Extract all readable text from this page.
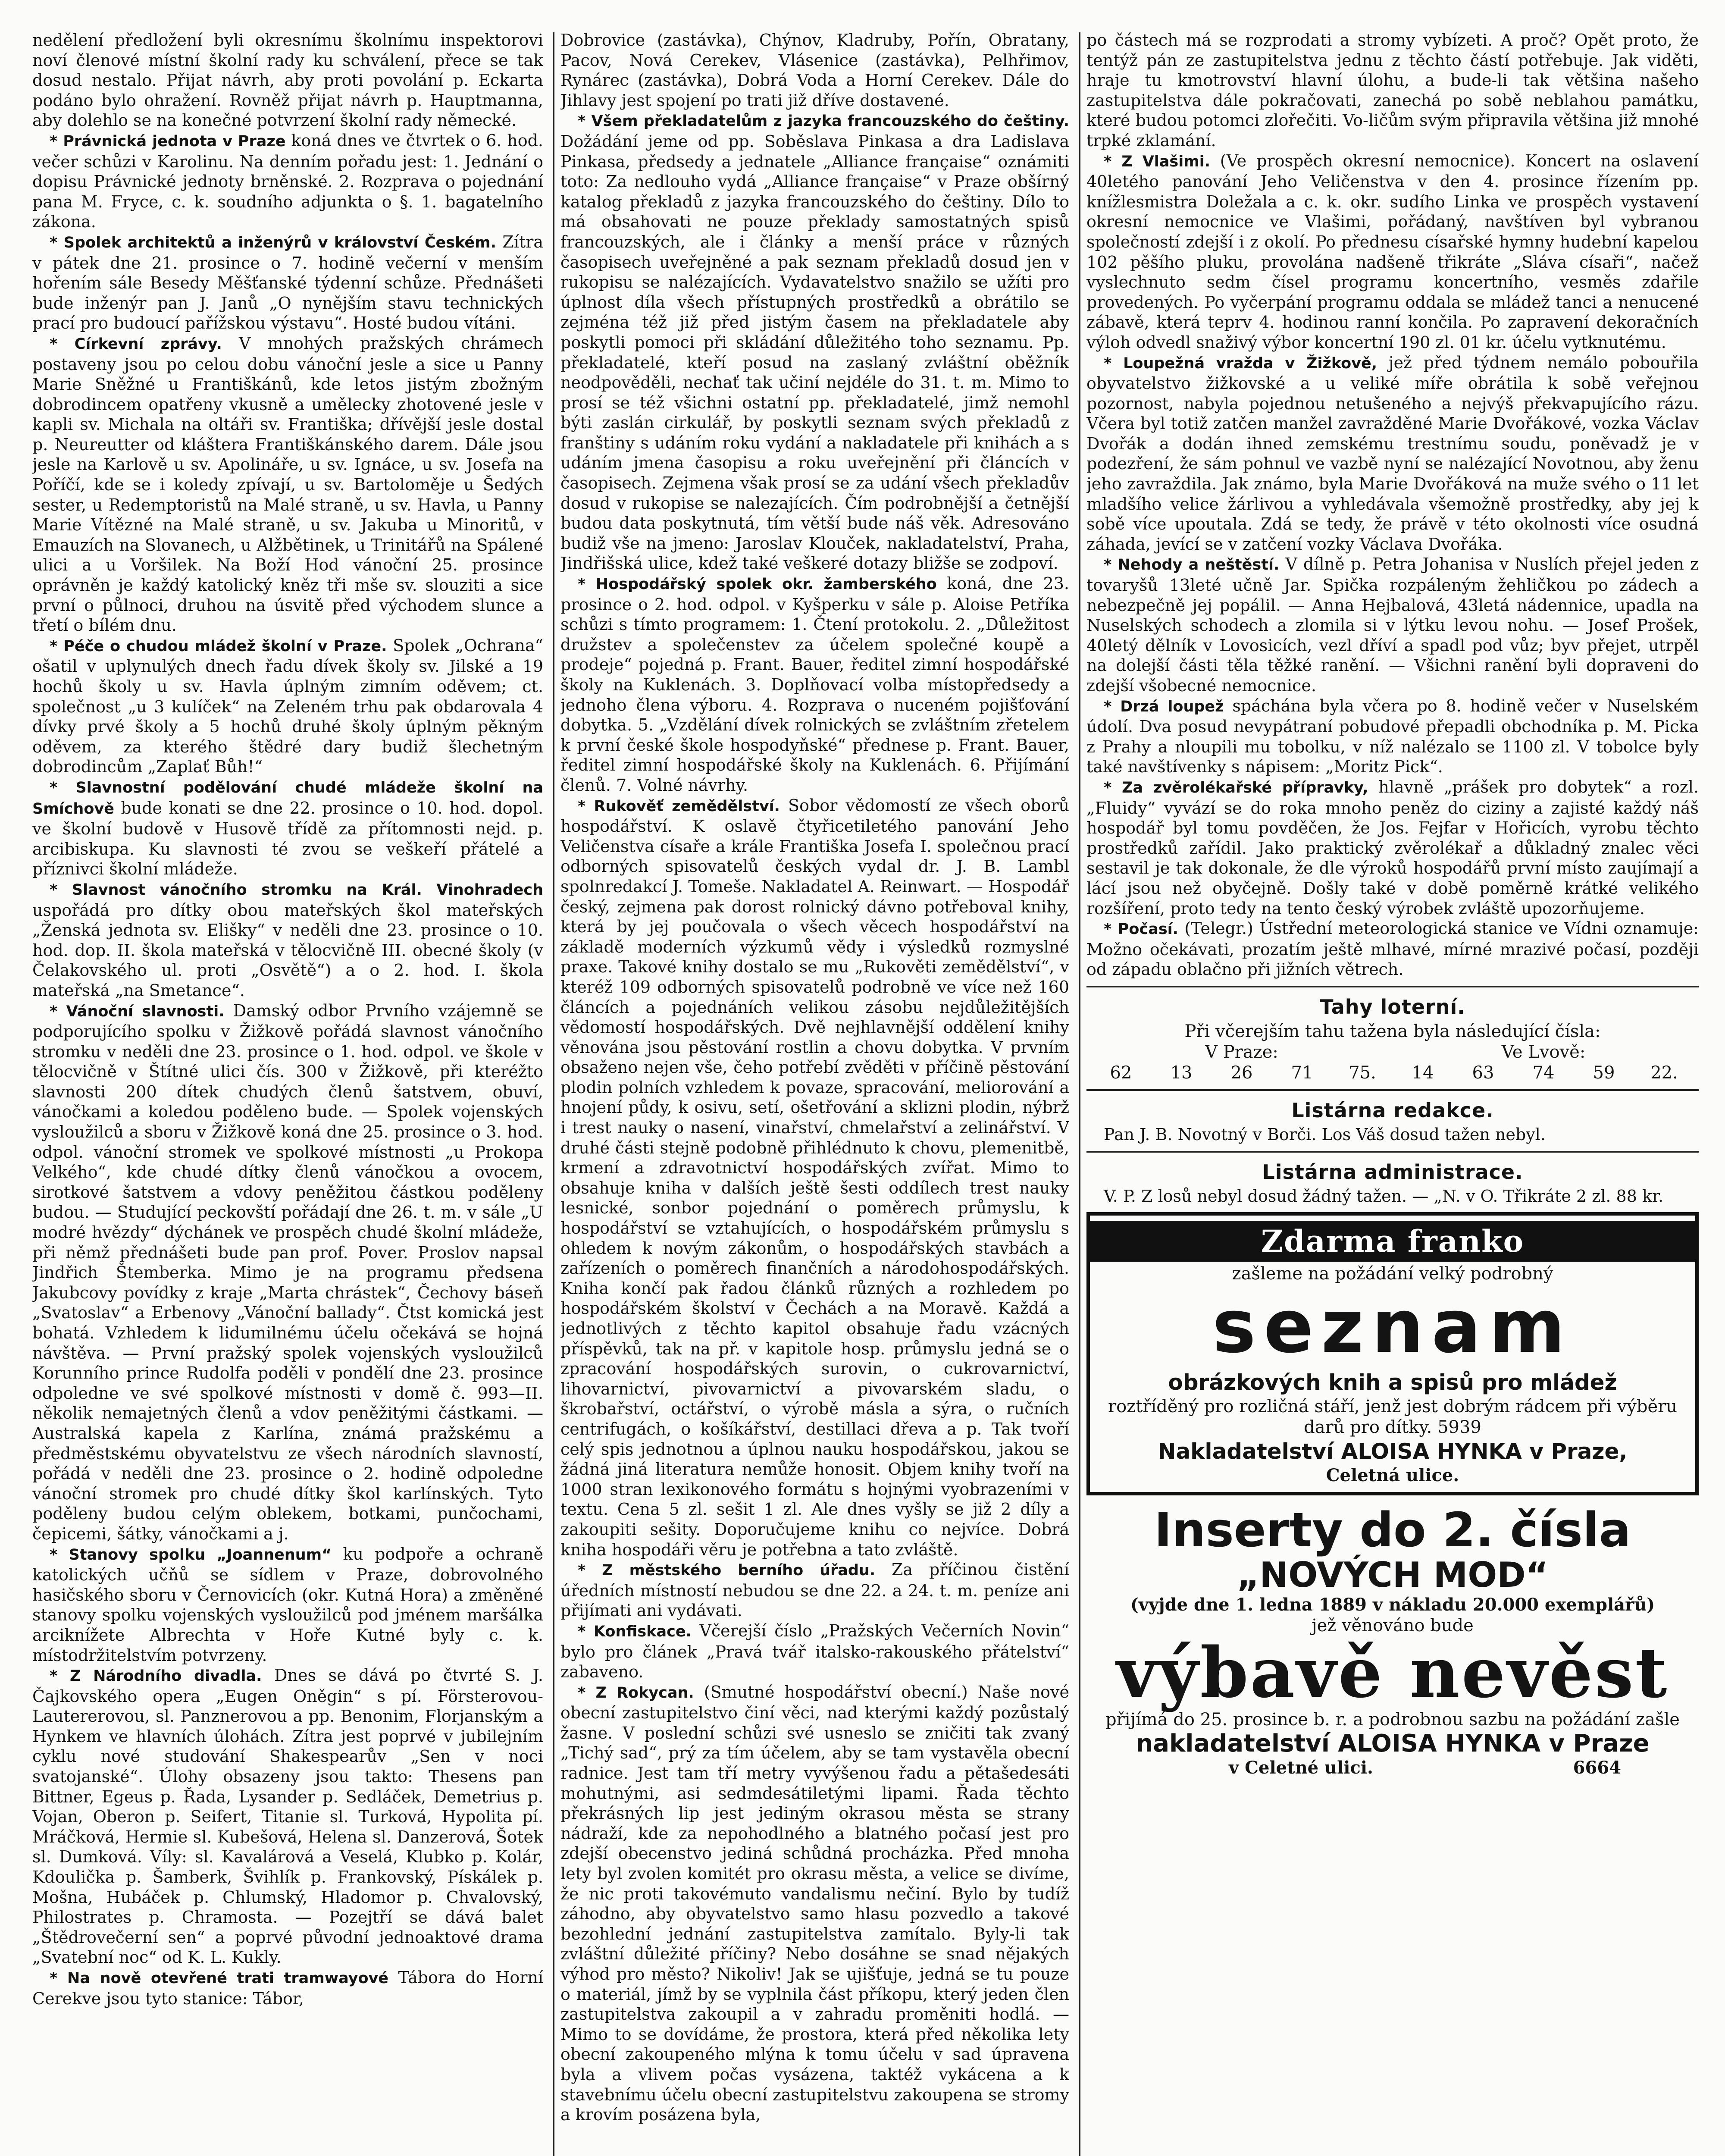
nedělení předložení byli okresnímu školnímu inspektorovi noví členové místní školní rady ku schválení, přece se tak dosud nestalo. Přijat návrh, aby proti povolání p. Eckarta podáno bylo ohražení. Rovněž přijat návrh p. Hauptmanna, aby dolehlo se na konečné potvrzení školní rady německé.

* Právnická jednota v Praze koná dnes ve čtvrtek o 6. hod. večer schůzi v Karolinu. Na denním pořadu jest: 1. Jednání o dopisu Právnické jednoty brněnské. 2. Rozprava o pojednání pana M. Fryce, c. k. soudního adjunkta o §. 1. bagatelního zákona.

* Spolek architektů a inženýrů v království Českém. Zítra v pátek dne 21. prosince o 7. hodině večerní v menším hořením sále Besedy Měšťanské týdenní schůze. Přednášeti bude inženýr pan J. Janů „O nynějším stavu technických prací pro budoucí pařížskou výstavu“. Hosté budou vítáni.

* Církevní zprávy. V mnohých pražských chrámech postaveny jsou po celou dobu vánoční jesle a sice u Panny Marie Sněžné u Františkánů, kde letos jistým zbožným dobrodincem opatřeny vkusně a umělecky zhotovené jesle v kapli sv. Michala na oltáři sv. Františka; dřívější jesle dostal p. Neureutter od kláštera Františkánského darem. Dále jsou jesle na Karlově u sv. Apolináře, u sv. Ignáce, u sv. Josefa na Poříčí, kde se i koledy zpívají, u sv. Bartoloměje u Šedých sester, u Redemptoristů na Malé straně, u sv. Havla, u Panny Marie Vítězné na Malé straně, u sv. Jakuba u Minoritů, v Emauzích na Slovanech, u Alžbětinek, u Trinitářů na Spálené ulici a u Voršilek. Na Boží Hod vánoční 25. prosince oprávněn je každý katolický kněz tři mše sv. slouziti a sice první o půlnoci, druhou na úsvitě před východem slunce a třetí o bílém dnu.

* Péče o chudou mládež školní v Praze. Spolek „Ochrana“ ošatil v uplynulých dnech řadu dívek školy sv. Jilské a 19 hochů školy u sv. Havla úplným zimním oděvem; ct. společnost „u 3 kulíček“ na Zeleném trhu pak obdarovala 4 dívky prvé školy a 5 hochů druhé školy úplným pěkným oděvem, za kterého štědré dary budiž šlechetným dobrodincům „Zaplať Bůh!“

* Slavnostní podělování chudé mládeže školní na Smíchově bude konati se dne 22. prosince o 10. hod. dopol. ve školní budově v Husově třídě za přítomnosti nejd. p. arcibiskupa. Ku slavnosti té zvou se veškeří přátelé a příznivci školní mládeže.

* Slavnost vánočního stromku na Král. Vinohradech uspořádá pro dítky obou mateřských škol mateřských „Ženská jednota sv. Elišky“ v neděli dne 23. prosince o 10. hod. dop. II. škola mateřská v tělocvičně III. obecné školy (v Čelakovského ul. proti „Osvětě“) a o 2. hod. I. škola mateřská „na Smetance“.

* Vánoční slavnosti. Damský odbor Prvního vzájemně se podporujícího spolku v Žižkově pořádá slavnost vánočního stromku v neděli dne 23. prosince o 1. hod. odpol. ve škole v tělocvičně v Štítné ulici čís. 300 v Žižkově, při kteréžto slavnosti 200 dítek chudých členů šatstvem, obuví, vánočkami a koledou poděleno bude. — Spolek vojenských vysloužilců a sboru v Žižkově koná dne 25. prosince o 3. hod. odpol. vánoční stromek ve spolkové místnosti „u Prokopa Velkého“, kde chudé dítky členů vánočkou a ovocem, sirotkové šatstvem a vdovy peněžitou částkou poděleny budou. — Studující peckovští pořádají dne 26. t. m. v sále „U modré hvězdy“ dýchánek ve prospěch chudé školní mládeže, při němž přednášeti bude pan prof. Pover. Proslov napsal Jindřich Štemberka. Mimo je na programu předsena Jakubcovy povídky z kraje „Marta chrástek“, Čechovy báseň „Svatoslav“ a Erbenovy „Vánoční ballady“. Čtst komická jest bohatá. Vzhledem k lidumilnému účelu očekává se hojná návštěva. — První pražský spolek vojenských vysloužilců Korunního prince Rudolfa poděli v pondělí dne 23. prosince odpoledne ve své spolkové místnosti v domě č. 993—II. několik nemajetných členů a vdov peněžitými částkami. — Australská kapela z Karlína, známá pražskému a předměstskému obyvatelstvu ze všech národních slavností, pořádá v neděli dne 23. prosince o 2. hodině odpoledne vánoční stromek pro chudé dítky škol karlínských. Tyto poděleny budou celým oblekem, botkami, punčochami, čepicemi, šátky, vánočkami a j.

* Stanovy spolku „Joannenum“ ku podpoře a ochraně katolických učňů se sídlem v Praze, dobrovolného hasičského sboru v Černovicích (okr. Kutná Hora) a změněné stanovy spolku vojenských vysloužilců pod jménem maršálka arciknížete Albrechta v Hoře Kutné byly c. k. místodržitelstvím potvrzeny.

* Z Národního divadla. Dnes se dává po čtvrté S. J. Čajkovského opera „Eugen Oněgin“ s pí. Försterovou-Lautererovou, sl. Panznerovou a pp. Benonim, Florjanským a Hynkem ve hlavních úlohách. Zítra jest poprvé v jubilejním cyklu nové studování Shakespearův „Sen v noci svatojanské“. Úlohy obsazeny jsou takto: Thesens pan Bittner, Egeus p. Řada, Lysander p. Sedláček, Demetrius p. Vojan, Oberon p. Seifert, Titanie sl. Turková, Hypolita pí. Mráčková, Hermie sl. Kubešová, Helena sl. Danzerová, Šotek sl. Dumková. Víly: sl. Kavalárová a Veselá, Klubko p. Kolár, Kdoulička p. Šamberk, Švihlík p. Frankovský, Pískálek p. Mošna, Hubáček p. Chlumský, Hladomor p. Chvalovský, Philostrates p. Chramosta. — Pozejtří se dává balet „Štědrovečerní sen“ a poprvé původní jednoaktové drama „Svatební noc“ od K. L. Kukly.

* Na nově otevřené trati tramwayové Tábora do Horní Cerekve jsou tyto stanice: Tábor,

Dobrovice (zastávka), Chýnov, Kladruby, Pořín, Obratany, Pacov, Nová Cerekev, Vlásenice (zastávka), Pelhřimov, Rynárec (zastávka), Dobrá Voda a Horní Cerekev. Dále do Jihlavy jest spojení po trati již dříve dostavené.

* Všem překladatelům z jazyka francouzského do češtiny. Dožádání jeme od pp. Soběslava Pinkasa a dra Ladislava Pinkasa, předsedy a jednatele „Alliance française“ oznámiti toto: Za nedlouho vydá „Alliance française“ v Praze obšírný katalog překladů z jazyka francouzského do češtiny. Dílo to má obsahovati ne pouze překlady samostatných spisů francouzských, ale i články a menší práce v různých časopisech uveřejněné a pak seznam překladů dosud jen v rukopisu se nalézajících. Vydavatelstvo snažilo se užíti pro úplnost díla všech přístupných prostředků a obrátilo se zejména též již před jistým časem na překladatele aby poskytli pomoci při skládání důležitého toho seznamu. Pp. překladatelé, kteří posud na zaslaný zvláštní oběžník neodpověděli, nechať tak učiní nejdéle do 31. t. m. Mimo to prosí se též všichni ostatní pp. překladatelé, jimž nemohl býti zaslán cirkulář, by poskytli seznam svých překladů z franštiny s udáním roku vydání a nakladatele při knihách a s udáním jmena časopisu a roku uveřejnění při článcích v časopisech. Zejmena však prosí se za udání všech překladův dosud v rukopise se nalezajících. Čím podrobnější a četnější budou data poskytnutá, tím větší bude náš věk. Adresováno budiž vše na jmeno: Jaroslav Klouček, nakladatelství, Praha, Jindřišská ulice, kdež také veškeré dotazy bližše se zodpoví.

* Hospodářský spolek okr. žamberského koná, dne 23. prosince o 2. hod. odpol. v Kyšperku v sále p. Aloise Petříka schůzi s tímto programem: 1. Čtení protokolu. 2. „Důležitost družstev a společenstev za účelem společné koupě a prodeje“ pojedná p. Frant. Bauer, ředitel zimní hospodářské školy na Kuklenách. 3. Doplňovací volba místopředsedy a jednoho člena výboru. 4. Rozprava o nuceném pojišťování dobytka. 5. „Vzdělání dívek rolnických se zvláštním zřetelem k první české škole hospodyňské“ přednese p. Frant. Bauer, ředitel zimní hospodářské školy na Kuklenách. 6. Přijímání členů. 7. Volné návrhy.

* Rukověť zemědělství. Sobor vědomostí ze všech oborů hospodářství. K oslavě čtyřicetiletého panování Jeho Veličenstva císaře a krále Františka Josefa I. společnou prací odborných spisovatelů českých vydal dr. J. B. Lambl spolnredakcí J. Tomeše. Nakladatel A. Reinwart. — Hospodář český, zejmena pak dorost rolnický dávno potřeboval knihy, která by jej poučovala o všech věcech hospodářství na základě moderních výzkumů vědy i výsledků rozmyslné praxe. Takové knihy dostalo se mu „Rukověti zemědělství“, v kteréž 109 odborných spisovatelů podrobně ve více než 160 článcích a pojednáních velikou zásobu nejdůležitějších vědomostí hospodářských. Dvě nejhlavnější oddělení knihy věnována jsou pěstování rostlin a chovu dobytka. V prvním obsaženo nejen vše, čeho potřebí zvěděti v příčině pěstování plodin polních vzhledem k povaze, spracování, meliorování a hnojení půdy, k osivu, setí, ošetřování a sklizni plodin, nýbrž i trest nauky o nasení, vinařství, chmelařství a zelinářství. V druhé části stejně podobně přihlédnuto k chovu, plemenitbě, krmení a zdravotnictví hospodářských zvířat. Mimo to obsahuje kniha v dalších ještě šesti oddílech trest nauky lesnické, sonbor pojednání o poměrech průmyslu, k hospodářství se vztahujících, o hospodářském průmyslu s ohledem k novým zákonům, o hospodářských stavbách a zařízeních o poměrech finančních a národohospodářských. Kniha končí pak řadou článků různých a rozhledem po hospodářském školství v Čechách a na Moravě. Každá a jednotlivých z těchto kapitol obsahuje řadu vzácných příspěvků, tak na př. v kapitole hosp. průmyslu jedná se o zpracování hospodářských surovin, o cukrovarnictví, lihovarnictví, pivovarnictví a pivovarském sladu, o škrobařství, octářství, o výrobě másla a sýra, o ručních centrifugách, o košíkářství, destillaci dřeva a p. Tak tvoří celý spis jednotnou a úplnou nauku hospodářskou, jakou se žádná jiná literatura nemůže honosit. Objem knihy tvoří na 1000 stran lexikonového formátu s hojnými vyobrazeními v textu. Cena 5 zl. sešit 1 zl. Ale dnes vyšly se již 2 díly a zakoupiti sešity. Doporučujeme knihu co nejvíce. Dobrá kniha hospodáři věru je potřebna a tato zvláště.

* Z městského berního úřadu. Za příčinou čistění úředních místností nebudou se dne 22. a 24. t. m. peníze ani přijímati ani vydávati.

* Konfiskace. Včerejší číslo „Pražských Večerních Novin“ bylo pro článek „Pravá tvář italsko-rakouského přátelství“ zabaveno.

* Z Rokycan. (Smutné hospodářství obecní.) Naše nové obecní zastupitelstvo činí věci, nad kterými každý pozůstalý žasne. V poslední schůzi své usneslo se zničiti tak zvaný „Tichý sad“, prý za tím účelem, aby se tam vystavěla obecní radnice. Jest tam tří metry vyvýšenou řadu a pětašedesáti mohutnými, asi sedmdesátiletými lipami. Řada těchto překrásných lip jest jediným okrasou města se strany nádraží, kde za nepohodlného a blatného počasí jest pro zdejší obecenstvo jediná schůdná procházka. Před mnoha lety byl zvolen komitét pro okrasu města, a velice se divíme, že nic proti takovémuto vandalismu nečiní. Bylo by tudíž záhodno, aby obyvatelstvo samo hlasu pozvedlo a takové bezohlední jednání zastupitelstva zamítalo. Byly-li tak zvláštní důležité příčiny? Nebo dosáhne se snad nějakých výhod pro město? Nikoliv! Jak se ujišťuje, jedná se tu pouze o materiál, jímž by se vyplnila část příkopu, který jeden člen zastupitelstva zakoupil a v zahradu proměniti hodlá. — Mimo to se dovídáme, že prostora, která před několika lety obecní zakoupeného mlýna k tomu účelu v sad úpravena byla a vlivem počas vysázena, taktéž vykácena a k stavebnímu účelu obecní zastupitelstvu zakoupena se stromy a krovím posázena byla,

po částech má se rozprodati a stromy vybízeti. A proč? Opět proto, že tentýž pán ze zastupitelstva jednu z těchto částí potřebuje. Jak viděti, hraje tu kmotrovství hlavní úlohu, a bude-li tak většina našeho zastupitelstva dále pokračovati, zanechá po sobě neblahou památku, které budou potomci zlořečiti. Vo-ličům svým připravila většina již mnohé trpké zklamání.

* Z Vlašimi. (Ve prospěch okresní nemocnice). Koncert na oslavení 40letého panování Jeho Veličenstva v den 4. prosince řízením pp. knížlesmistra Doležala a c. k. okr. sudího Linka ve prospěch vystavení okresní nemocnice ve Vlašimi, pořádaný, navštíven byl vybranou společností zdejší i z okolí. Po přednesu císařské hymny hudební kapelou 102 pěšího pluku, provolána nadšeně třikráte „Sláva císaři“, načež vyslechnuto sedm čísel programu koncertního, vesměs zdařile provedených. Po vyčerpání programu oddala se mládež tanci a nenucené zábavě, která teprv 4. hodinou ranní končila. Po zapravení dekoračních výloh odvedl snaživý výbor koncertní 190 zl. 01 kr. účelu vytknutému.

* Loupežná vražda v Žižkově, jež před týdnem nemálo pobouřila obyvatelstvo žižkovské a u veliké míře obrátila k sobě veřejnou pozornost, nabyla pojednou netušeného a nejvýš překvapujícího rázu. Včera byl totiž zatčen manžel zavražděné Marie Dvořákové, vozka Václav Dvořák a dodán ihned zemskému trestnímu soudu, poněvadž je v podezření, že sám pohnul ve vazbě nyní se nalézající Novotnou, aby ženu jeho zavraždila. Jak známo, byla Marie Dvořáková na muže svého o 11 let mladšího velice žárlivou a vyhledávala všemožně prostředky, aby jej k sobě více upoutala. Zdá se tedy, že právě v této okolnosti více osudná záhada, jevící se v zatčení vozky Václava Dvořáka.

* Nehody a neštěstí. V dílně p. Petra Johanisa v Nuslích přejel jeden z tovaryšů 13leté učně Jar. Spička rozpáleným žehličkou po zádech a nebezpečně jej popálil. — Anna Hejbalová, 43letá nádennice, upadla na Nuselských schodech a zlomila si v lýtku levou nohu. — Josef Prošek, 40letý dělník v Lovosicích, vezl dříví a spadl pod vůz; byv přejet, utrpěl na dolejší části těla těžké ranění. — Všichni ranění byli dopraveni do zdejší všobecné nemocnice.

* Drzá loupež spáchána byla včera po 8. hodině večer v Nuselském údolí. Dva posud nevypátraní pobudové přepadli obchodníka p. M. Picka z Prahy a nloupili mu tobolku, v níž nalézalo se 1100 zl. V tobolce byly také navštívenky s nápisem: „Moritz Pick“.

* Za zvěrolékařské přípravky, hlavně „prášek pro dobytek“ a rozl. „Fluidy“ vyvází se do roka mnoho peněz do ciziny a zajisté každý náš hospodář byl tomu povděčen, že Jos. Fejfar v Hořicích, vyrobu těchto prostředků zařídil. Jako praktický zvěrolékař a důkladný znalec věci sestavil je tak dokonale, že dle výroků hospodářů první místo zaujímají a lácí jsou než obyčejně. Došly také v době poměrně krátké velikého rozšíření, proto tedy na tento český výrobek zvláště upozorňujeme.

* Počasí. (Telegr.) Ústřední meteorologická stanice ve Vídni oznamuje: Možno očekávati, prozatím ještě mlhavé, mírné mrazivé počasí, později od západu oblačno při jižních větrech.

Tahy loterní.

Při včerejším tahu tažena byla následující čísla:

V Praze:	Ve Lvově:
62	13	26	71	75.	14	63	74	59	22.
Listárna redakce.

Pan J. B. Novotný v Borči. Los Váš dosud tažen nebyl.

Listárna administrace.

V. P. Z losů nebyl dosud žádný tažen. — „N. v O. Třikráte 2 zl. 88 kr.

Zdarma franko
zašleme na požádání velký podrobný
seznam
obrázkových knih a spisů pro mládež
roztříděný pro rozličná stáří, jenž jest dobrým rádcem při výběru darů pro dítky. 5939
Nakladatelství ALOISA HYNKA v Praze,
Celetná ulice.
Inserty do 2. čísla
„NOVÝCH MOD“
(vyjde dne 1. ledna 1889 v nákladu 20.000 exemplářů)
jež věnováno bude
výbavě nevěst
přijímá do 25. prosince b. r. a podrobnou sazbu na požádání zašle
nakladatelství ALOISA HYNKA v Praze
v Celetné ulici.	6664
